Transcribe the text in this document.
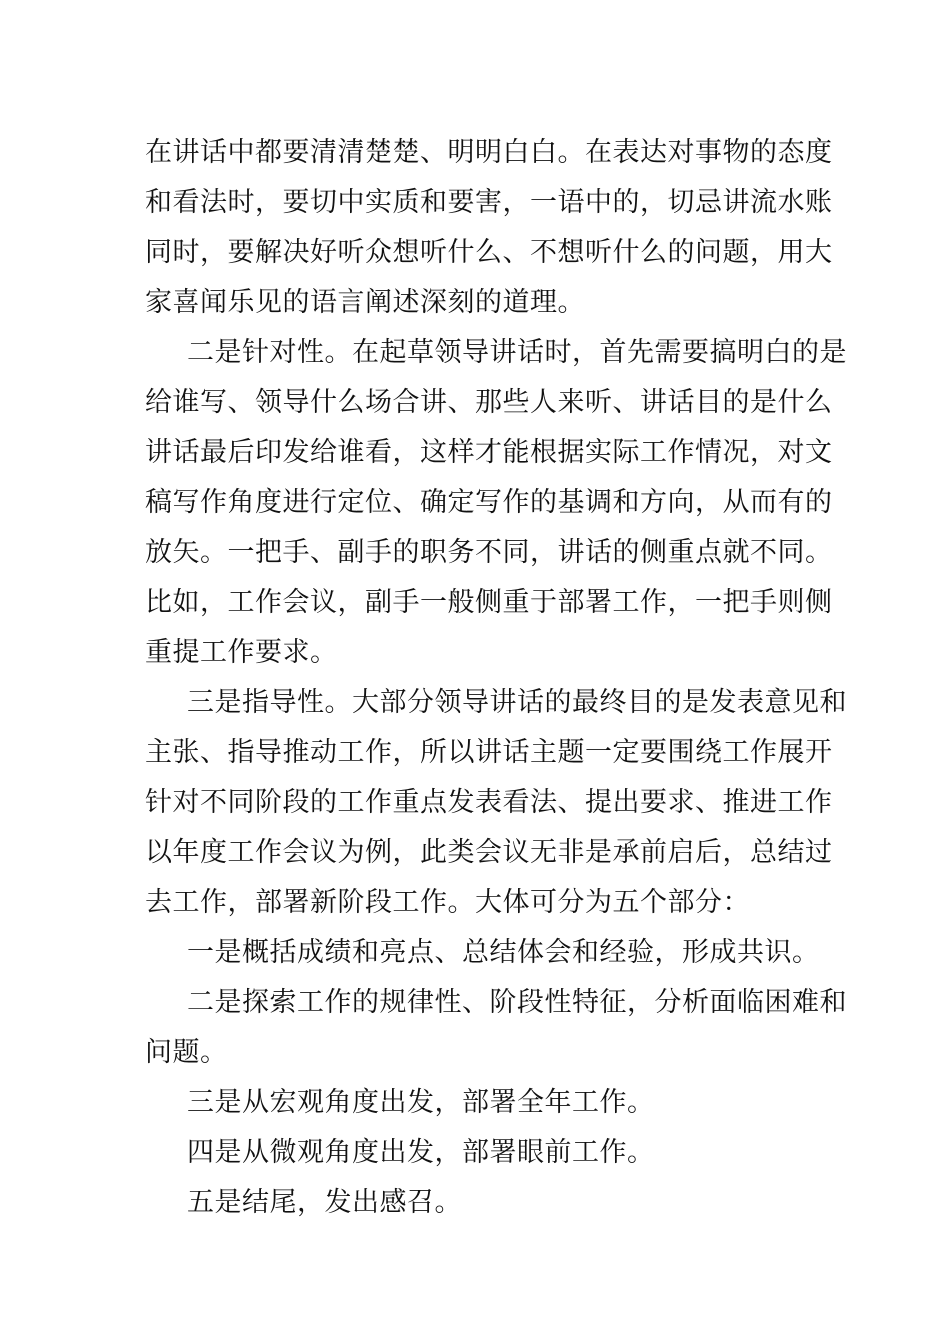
在讲话中都要清清楚楚、明明白白。在表达对事物的态度
和看法时，要切中实质和要害，一语中的，切忌讲流水账
同时，要解决好听众想听什么、不想听什么的问题，用大
家喜闻乐见的语言阐述深刻的道理。
二是针对性。在起草领导讲话时，首先需要搞明白的是
给谁写、领导什么场合讲、那些人来听、讲话目的是什么
讲话最后印发给谁看，这样才能根据实际工作情况，对文
稿写作角度进行定位、确定写作的基调和方向，从而有的
放矢。一把手、副手的职务不同，讲话的侧重点就不同。
比如，工作会议，副手一般侧重于部署工作，一把手则侧
重提工作要求。
三是指导性。大部分领导讲话的最终目的是发表意见和
主张、指导推动工作，所以讲话主题一定要围绕工作展开
针对不同阶段的工作重点发表看法、提出要求、推进工作
以年度工作会议为例，此类会议无非是承前启后，总结过
去工作，部署新阶段工作。大体可分为五个部分：
一是概括成绩和亮点、总结体会和经验，形成共识。
二是探索工作的规律性、阶段性特征，分析面临困难和
问题。
三是从宏观角度出发，部署全年工作。
四是从微观角度出发，部署眼前工作。
五是结尾，发出感召。
